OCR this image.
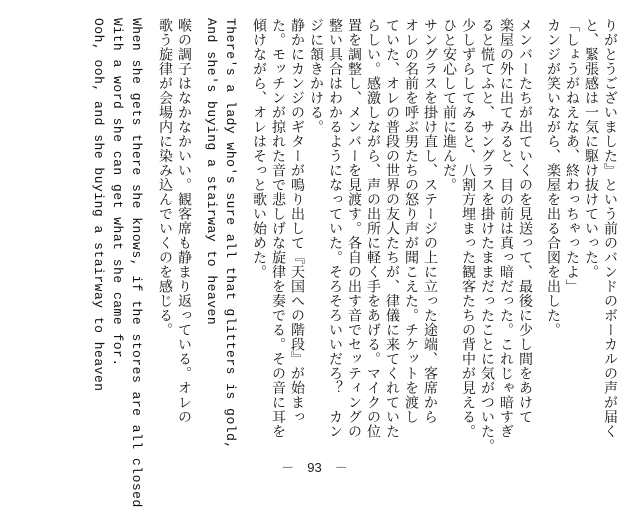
りがとうございました』という前のバンドのボーカルの声が届く
と、緊張感は一気に駆け抜けていった。
「しょうがねえなあ、終わっちゃったよ」
カンジが笑いながら、楽屋を出る合図を出した。
メンバーたちが出ていくのを見送って、最後に少し間をあけて
楽屋の外に出てみると、目の前は真っ暗だった。これじゃ暗すぎ
ると慌てふと、サングラスを掛けたままだったことに気がついた。
少しずらしてみると、八割方埋まった観客たちの背中が見える。
ひと安心して前に進んだ。
サングラスを掛け直し、ステージの上に立った途端、客席から
オレの名前を呼ぶ男たちの怒り声が聞こえた。チケットを渡し
ていた、オレの普段の世界の友人たちが、律儀に来てくれていた
らしい。感激しながら、声の出所に軽く手をあげる。マイクの位
置を調整し、メンバーを見渡す。各自の出す音でセッティングの
整い具合はわかるようになっていた。そろそろいいだろ？　カン
ジに頷きかける。
静かにカンジのギターが鳴り出して『天国への階段』が始まっ
た。モッチンが掠れた音で悲しげな旋律を奏でる。その音に耳を
傾けながら、オレはそっと歌い始めた。
There's a lady who's sure all that glitters is gold,
And she's buying a stairway to heaven
喉の調子はなかなかいい。観客席も静まり返っている。オレの
歌う旋律が会場内に染み込んでいくのを感じる。
When she gets there she knows, if the stores are all closed
With a word she can get what she came for.
Ooh, ooh, and she buying a stairway to heaven
－　93　－
